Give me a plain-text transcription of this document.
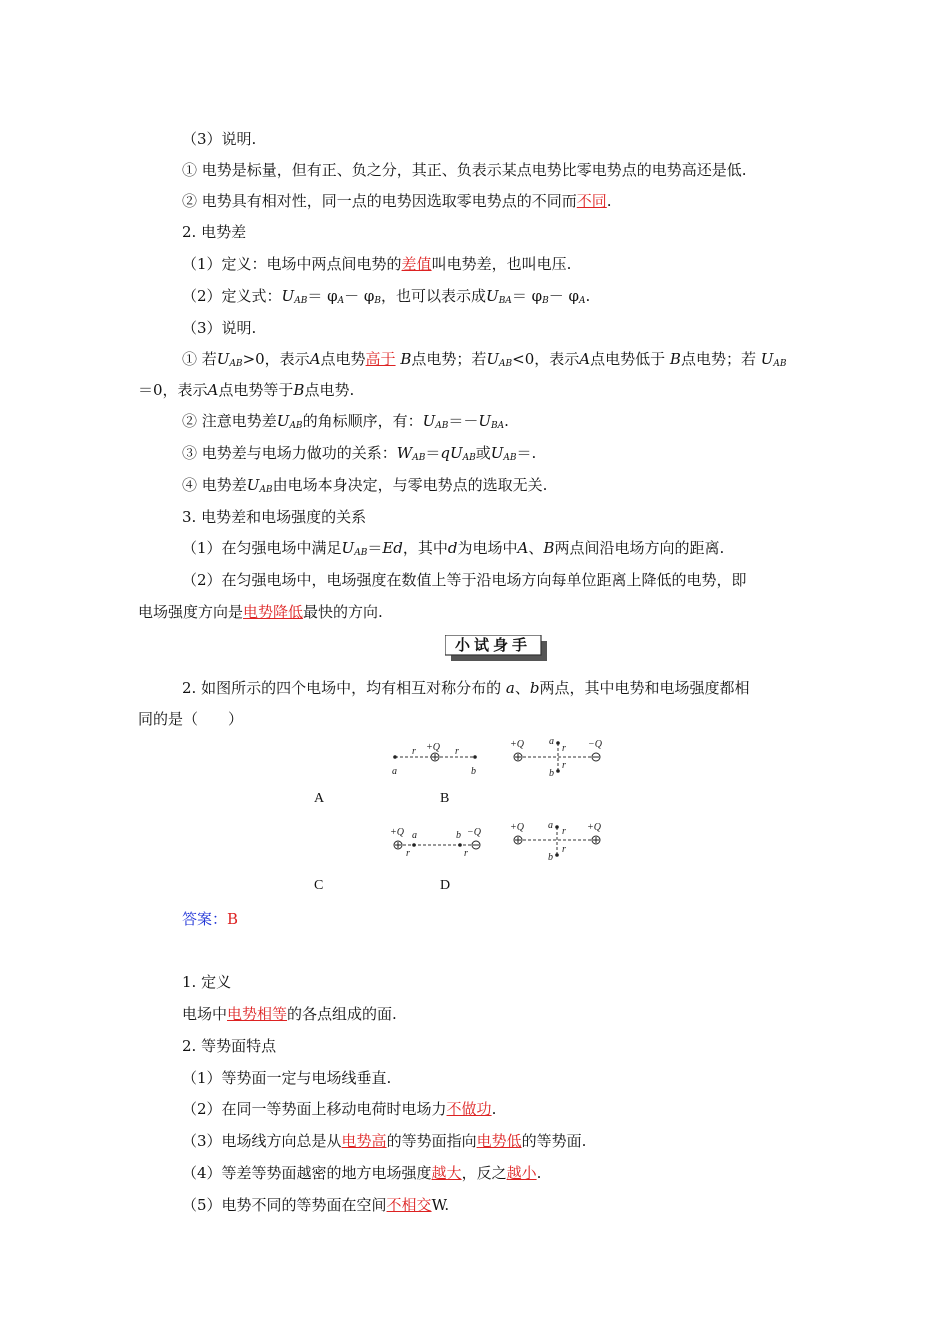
（3）说明.
① 电势是标量，但有正、负之分，其正、负表示某点电势比零电势点的电势高还是低.
② 电势具有相对性，同一点的电势因选取零电势点的不同而不同.
2. 电势差
（1）定义：电场中两点间电势的差值叫电势差，也叫电压.
（2）定义式：UAB＝ φA－ φB，也可以表示成UBA＝ φB－ φA.
（3）说明.
① 若UAB>0，表示A点电势高于 B点电势；若UAB<0，表示A点电势低于 B点电势；若 UAB
＝0，表示A点电势等于B点电势.
② 注意电势差UAB的角标顺序，有：UAB＝－UBA.
③ 电势差与电场力做功的关系：WAB＝qUAB或UAB＝.
④ 电势差UAB由电场本身决定，与零电势点的选取无关.
3. 电势差和电场强度的关系
（1）在匀强电场中满足UAB＝Ed，其中d为电场中A、B两点间沿电场方向的距离.
（2）在匀强电场中，电场强度在数值上等于沿电场方向每单位距离上降低的电势，即
电场强度方向是电势降低最快的方向.
小试身手
2. 如图所示的四个电场中，均有相互对称分布的 a、b两点，其中电势和电场强度都相
同的是（　　）
+Q
r	r
a	b
+Q	−Q
a
b
r
r
+Q	−Q
a	b
r	r
+Q	+Q
a
b
r
r
A	B
C	D
答案：B
1. 定义
电场中电势相等的各点组成的面.
2. 等势面特点
（1）等势面一定与电场线垂直.
（2）在同一等势面上移动电荷时电场力不做功.
（3）电场线方向总是从电势高的等势面指向电势低的等势面.
（4）等差等势面越密的地方电场强度越大，反之越小.
（5）电势不同的等势面在空间不相交W.
